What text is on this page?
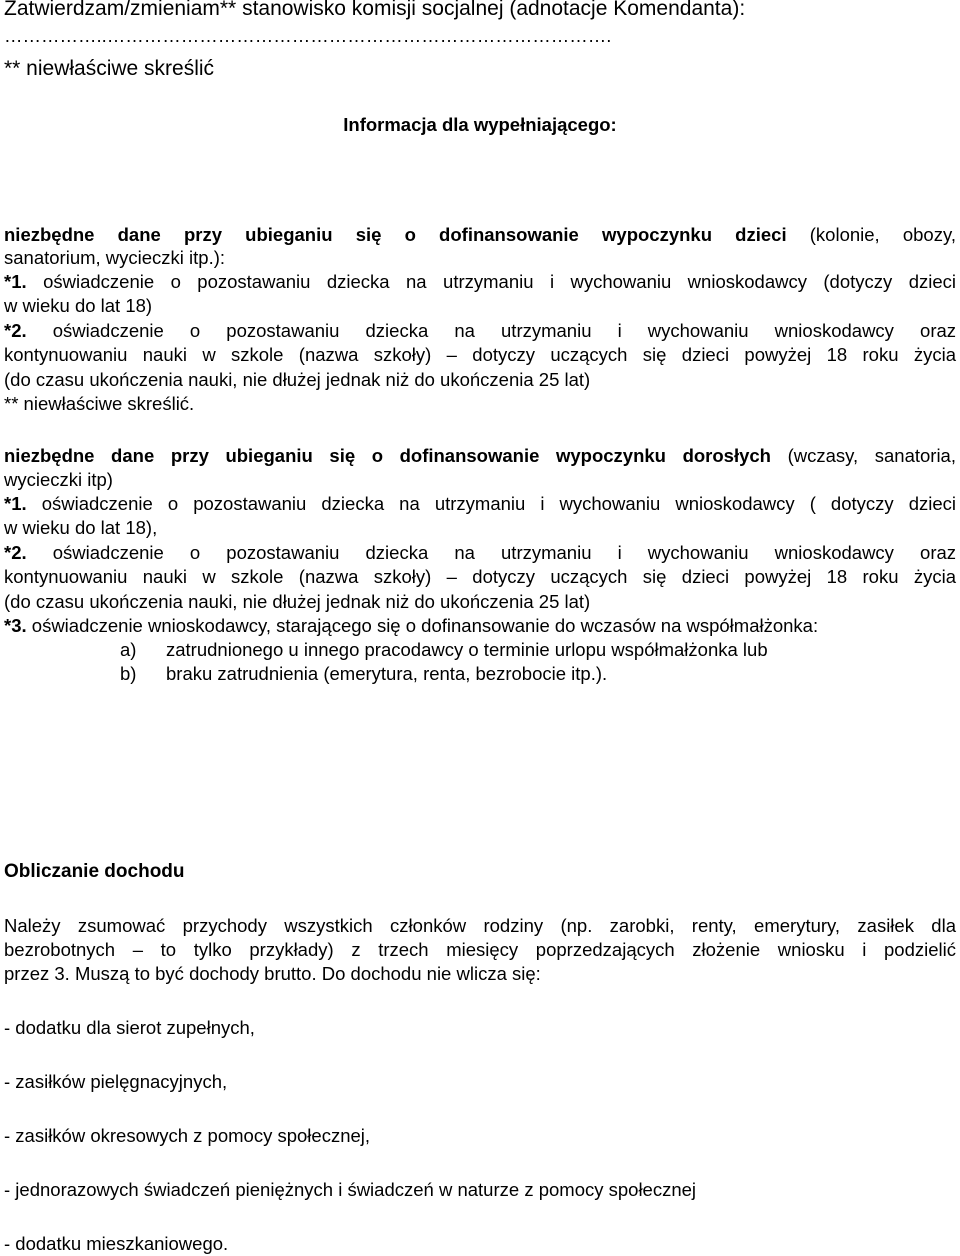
Zatwierdzam/zmieniam** stanowisko komisji socjalnej (adnotacje Komendanta):
……………..……………………………………………………………………….
** niewłaściwe skreślić
Informacja dla wypełniającego:
niezbędne dane przy ubieganiu się o dofinansowanie wypoczynku dzieci (kolonie, obozy,
sanatorium, wycieczki itp.):
*1. oświadczenie o pozostawaniu dziecka na utrzymaniu i wychowaniu wnioskodawcy (dotyczy dzieci
w wieku do lat 18)
*2. oświadczenie o pozostawaniu dziecka na utrzymaniu i wychowaniu wnioskodawcy oraz
kontynuowaniu nauki w szkole (nazwa szkoły) – dotyczy uczących się dzieci powyżej 18 roku życia
(do czasu ukończenia nauki, nie dłużej jednak niż do ukończenia 25 lat)
** niewłaściwe skreślić.
niezbędne dane przy ubieganiu się o dofinansowanie wypoczynku dorosłych (wczasy, sanatoria,
wycieczki itp)
*1. oświadczenie o pozostawaniu dziecka na utrzymaniu i wychowaniu wnioskodawcy ( dotyczy dzieci
w wieku do lat 18),
*2. oświadczenie o pozostawaniu dziecka na utrzymaniu i wychowaniu wnioskodawcy oraz
kontynuowaniu nauki w szkole (nazwa szkoły) – dotyczy uczących się dzieci powyżej 18 roku życia
(do czasu ukończenia nauki, nie dłużej jednak niż do ukończenia 25 lat)
*3. oświadczenie wnioskodawcy, starającego się o dofinansowanie do wczasów na współmałżonka:
a) zatrudnionego u innego pracodawcy o terminie urlopu współmałżonka lub
b) braku zatrudnienia (emerytura, renta, bezrobocie itp.).
Obliczanie dochodu
Należy zsumować przychody wszystkich członków rodziny (np. zarobki, renty, emerytury, zasiłek dla
bezrobotnych – to tylko przykłady) z trzech miesięcy poprzedzających złożenie wniosku i podzielić
przez 3. Muszą to być dochody brutto. Do dochodu nie wlicza się:
- dodatku dla sierot zupełnych,
- zasiłków pielęgnacyjnych,
- zasiłków okresowych z pomocy społecznej,
- jednorazowych świadczeń pieniężnych i świadczeń w naturze z pomocy społecznej
- dodatku mieszkaniowego.
